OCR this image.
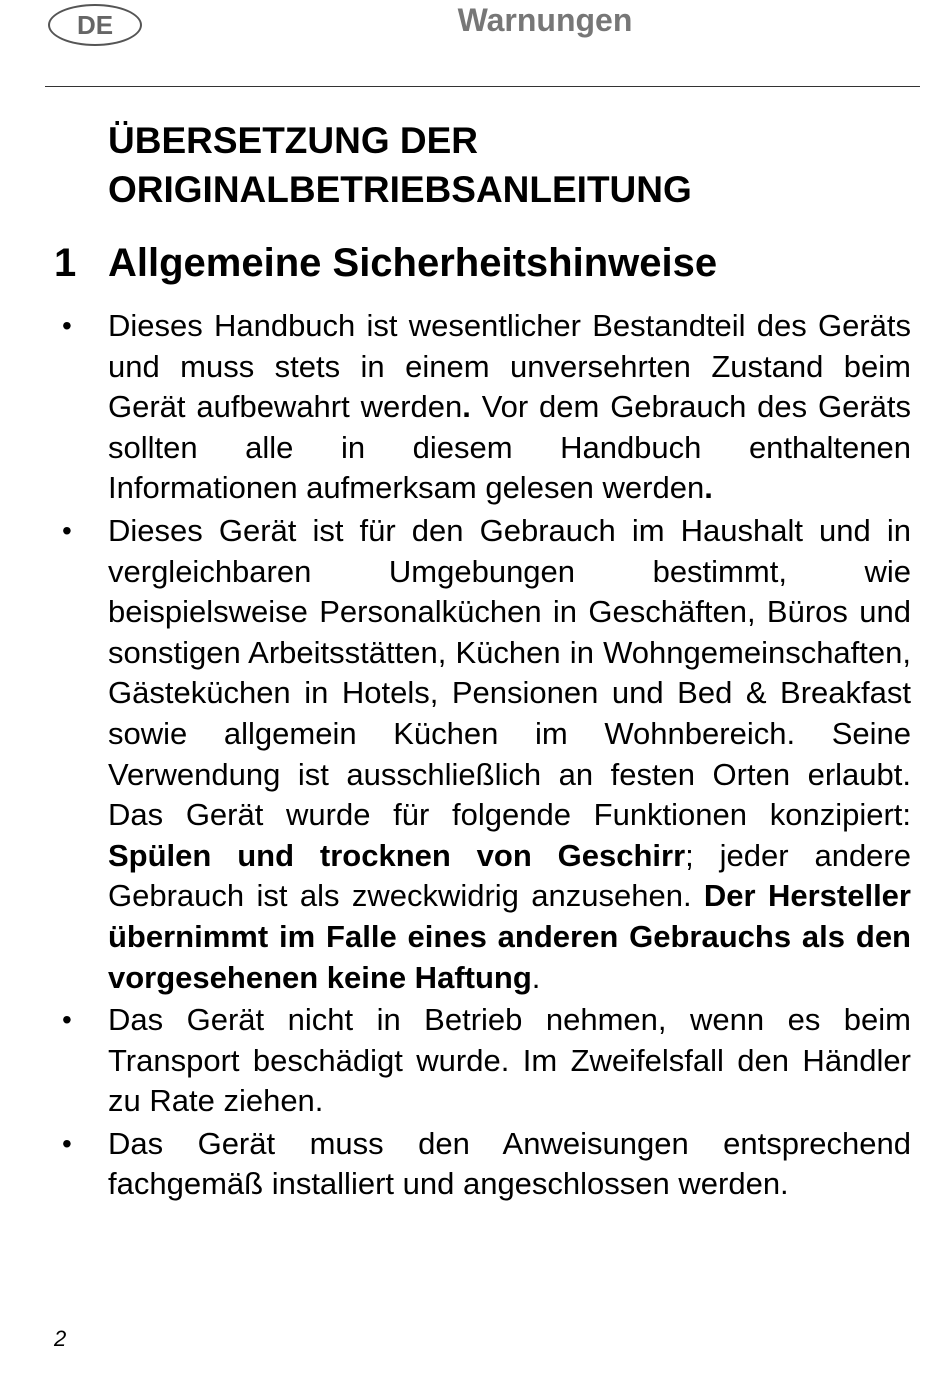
DE	Warnungen
ÜBERSETZUNG DER
ORIGINALBETRIEBSANLEITUNG
1 Allgemeine Sicherheitshinweise
• Dieses Handbuch ist wesentlicher Bestandteil des Geräts und muss stets in einem unversehrten Zustand beim Gerät aufbewahrt werden. Vor dem Gebrauch des Geräts sollten alle in diesem Handbuch enthaltenen Informationen aufmerksam gelesen werden.
• Dieses Gerät ist für den Gebrauch im Haushalt und in vergleichbaren Umgebungen bestimmt, wie beispielsweise Personalküchen in Geschäften, Büros und sonstigen Arbeitsstätten, Küchen in Wohngemeinschaften, Gästeküchen in Hotels, Pensionen und Bed & Breakfast sowie allgemein Küchen im Wohnbereich. Seine Verwendung ist ausschließlich an festen Orten erlaubt. Das Gerät wurde für folgende Funktionen konzipiert: Spülen und trocknen von Geschirr; jeder andere Gebrauch ist als zweckwidrig anzusehen. Der Hersteller übernimmt im Falle eines anderen Gebrauchs als den vorgesehenen keine Haftung.
• Das Gerät nicht in Betrieb nehmen, wenn es beim Transport beschädigt wurde. Im Zweifelsfall den Händler zu Rate ziehen.
• Das Gerät muss den Anweisungen entsprechend fachgemäß installiert und angeschlossen werden.
2
